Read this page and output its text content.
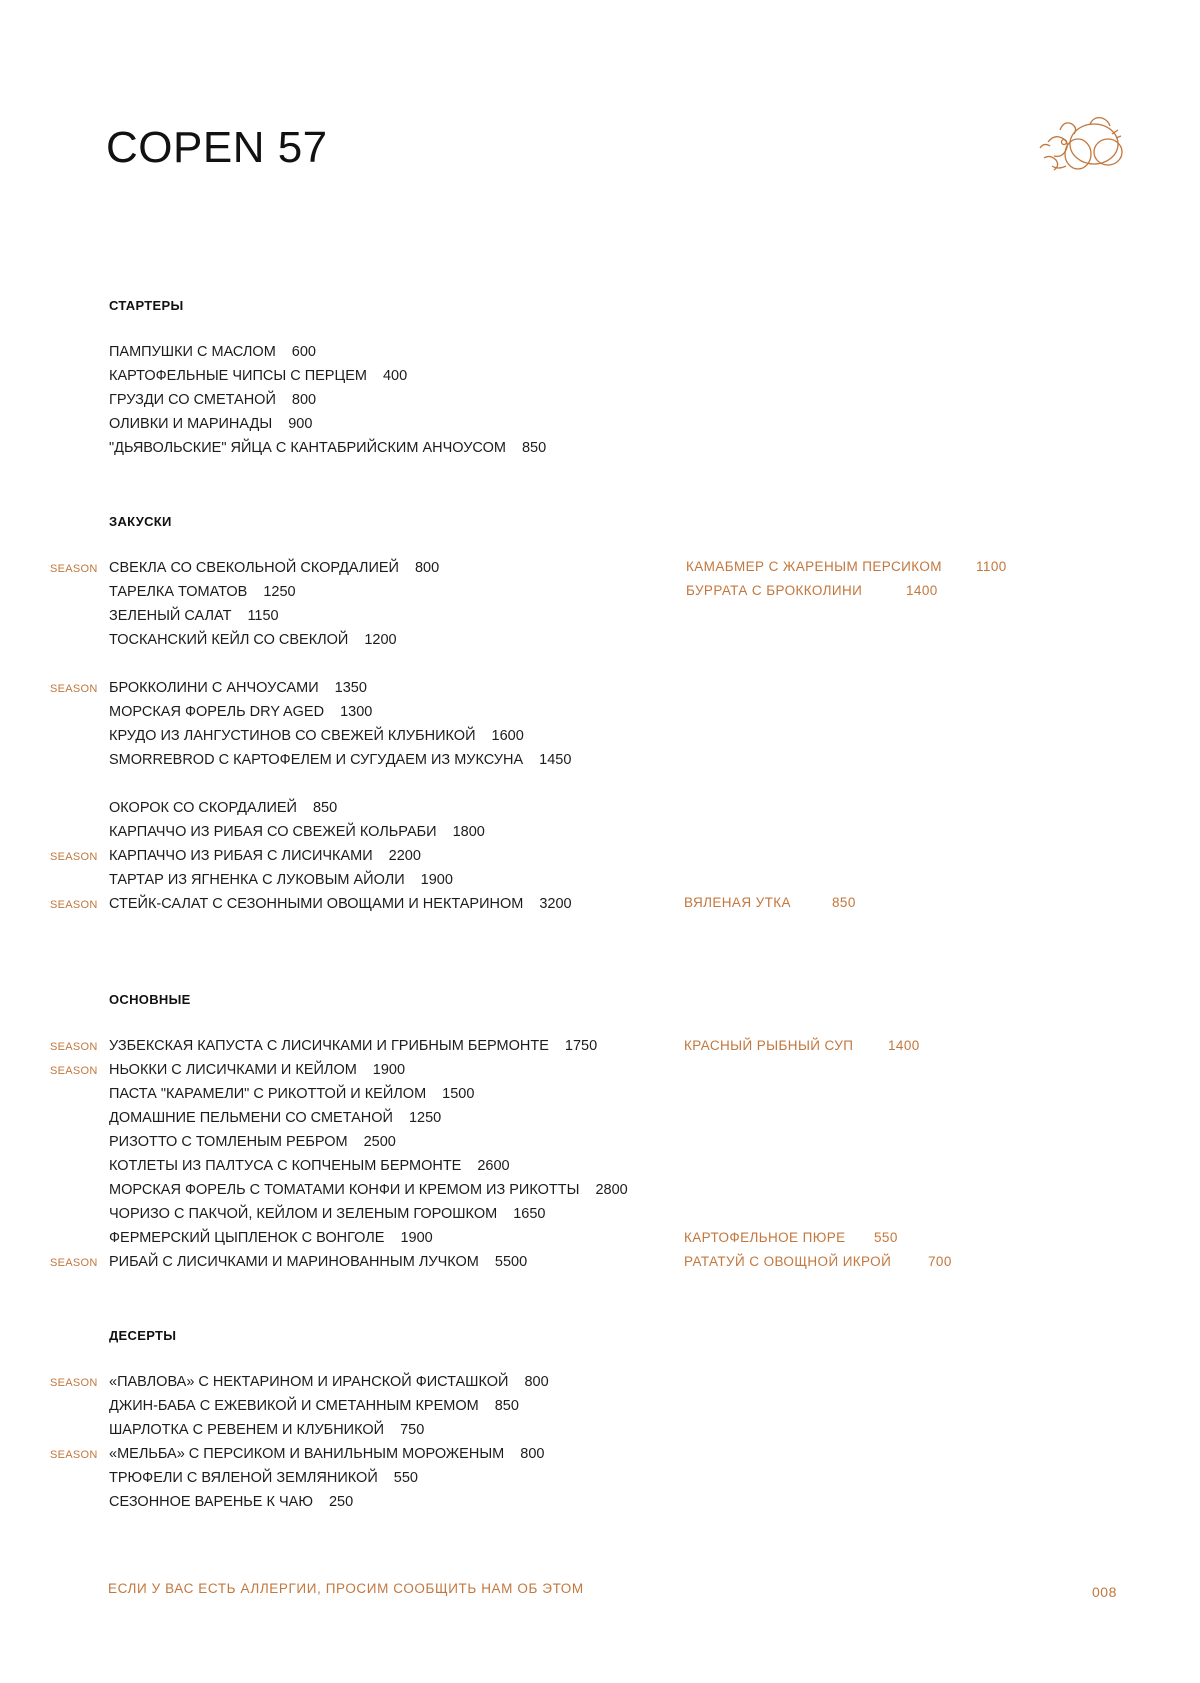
COPEN 57
СТАРТЕРЫ
ПАМПУШКИ С МАСЛОМ 600
КАРТОФЕЛЬНЫЕ ЧИПСЫ С ПЕРЦЕМ 400
ГРУЗДИ СО СМЕТАНОЙ 800
ОЛИВКИ И МАРИНАДЫ 900
"ДЬЯВОЛЬСКИЕ" ЯЙЦА С КАНТАБРИЙСКИМ АНЧОУСОМ 850
ЗАКУСКИ
SEASON СВЕКЛА СО СВЕКОЛЬНОЙ СКОРДАЛИЕЙ 800
ТАРЕЛКА ТОМАТОВ 1250
ЗЕЛЕНЫЙ САЛАТ 1150
ТОСКАНСКИЙ КЕЙЛ СО СВЕКЛОЙ 1200
SEASON БРОККОЛИНИ С АНЧОУСАМИ 1350
МОРСКАЯ ФОРЕЛЬ DRY AGED 1300
КРУДО ИЗ ЛАНГУСТИНОВ СО СВЕЖЕЙ КЛУБНИКОЙ 1600
SMORREBROD С КАРТОФЕЛЕМ И СУГУДАЕМ ИЗ МУКСУНА 1450
ОКОРОК СО СКОРДАЛИЕЙ 850
КАРПАЧЧО ИЗ РИБАЯ СО СВЕЖЕЙ КОЛЬРАБИ 1800
SEASON КАРПАЧЧО ИЗ РИБАЯ С ЛИСИЧКАМИ 2200
ТАРТАР ИЗ ЯГНЕНКА С ЛУКОВЫМ АЙОЛИ 1900
SEASON СТЕЙК-САЛАТ С СЕЗОННЫМИ ОВОЩАМИ И НЕКТАРИНОМ 3200
КАМАБМЕР С ЖАРЕНЫМ ПЕРСИКОМ	1100
БУРРАТА С БРОККОЛИНИ	1400
ВЯЛЕНАЯ УТКА	850
ОСНОВНЫЕ
SEASON УЗБЕКСКАЯ КАПУСТА С ЛИСИЧКАМИ И ГРИБНЫМ БЕРМОНТЕ 1750
SEASON НЬОККИ С ЛИСИЧКАМИ И КЕЙЛОМ 1900
ПАСТА "КАРАМЕЛИ" С РИКОТТОЙ И КЕЙЛОМ 1500
ДОМАШНИЕ ПЕЛЬМЕНИ СО СМЕТАНОЙ 1250
РИЗОТТО С ТОМЛЕНЫМ РЕБРОМ 2500
КОТЛЕТЫ ИЗ ПАЛТУСА С КОПЧЕНЫМ БЕРМОНТЕ 2600
МОРСКАЯ ФОРЕЛЬ С ТОМАТАМИ КОНФИ И КРЕМОМ ИЗ РИКОТТЫ 2800
ЧОРИЗО С ПАКЧОЙ, КЕЙЛОМ И ЗЕЛЕНЫМ ГОРОШКОМ 1650
ФЕРМЕРСКИЙ ЦЫПЛЕНОК С ВОНГОЛЕ 1900
SEASON РИБАЙ С ЛИСИЧКАМИ И МАРИНОВАННЫМ ЛУЧКОМ 5500
КРАСНЫЙ РЫБНЫЙ СУП	1400
КАРТОФЕЛЬНОЕ ПЮРЕ 550
РАТАТУЙ С ОВОЩНОЙ ИКРОЙ	700
ДЕСЕРТЫ
SEASON «ПАВЛОВА» С НЕКТАРИНОМ И ИРАНСКОЙ ФИСТАШКОЙ 800
ДЖИН-БАБА С ЕЖЕВИКОЙ И СМЕТАННЫМ КРЕМОМ 850
ШАРЛОТКА С РЕВЕНЕМ И КЛУБНИКОЙ 750
SEASON «МЕЛЬБА» С ПЕРСИКОМ И ВАНИЛЬНЫМ МОРОЖЕНЫМ 800
ТРЮФЕЛИ С ВЯЛЕНОЙ ЗЕМЛЯНИКОЙ 550
СЕЗОННОЕ ВАРЕНЬЕ К ЧАЮ 250
ЕСЛИ У ВАС ЕСТЬ АЛЛЕРГИИ, ПРОСИМ СООБЩИТЬ НАМ ОБ ЭТОМ	008
